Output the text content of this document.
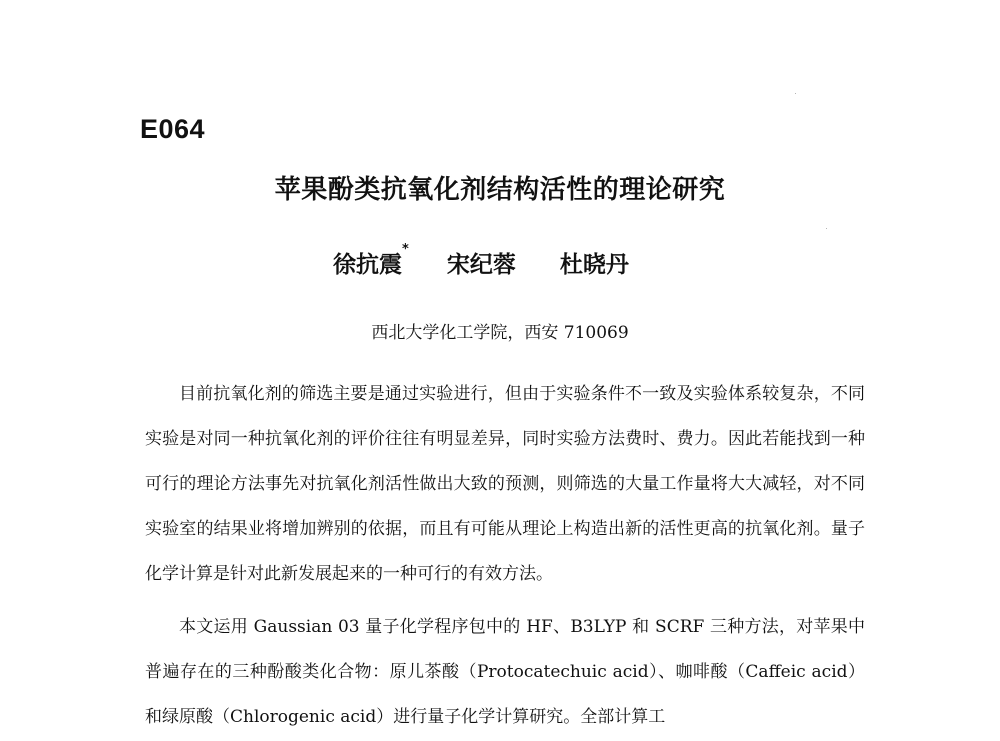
E064
苹果酚类抗氧化剂结构活性的理论研究
徐抗震* 宋纪蓉 杜晓丹
西北大学化工学院，西安 710069

目前抗氧化剂的筛选主要是通过实验进行，但由于实验条件不一致及实验体系较复杂，不同实验是对同一种抗氧化剂的评价往往有明显差异，同时实验方法费时、费力。因此若能找到一种可行的理论方法事先对抗氧化剂活性做出大致的预测，则筛选的大量工作量将大大减轻，对不同实验室的结果业将增加辨别的依据，而且有可能从理论上构造出新的活性更高的抗氧化剂。量子化学计算是针对此新发展起来的一种可行的有效方法。

本文运用 Gaussian 03 量子化学程序包中的 HF、B3LYP 和 SCRF 三种方法，对苹果中普遍存在的三种酚酸类化合物：原儿茶酸（Protocatechuic acid）、咖啡酸（Caffeic acid）和绿原酸（Chlorogenic acid）进行量子化学计算研究。全部计算工
